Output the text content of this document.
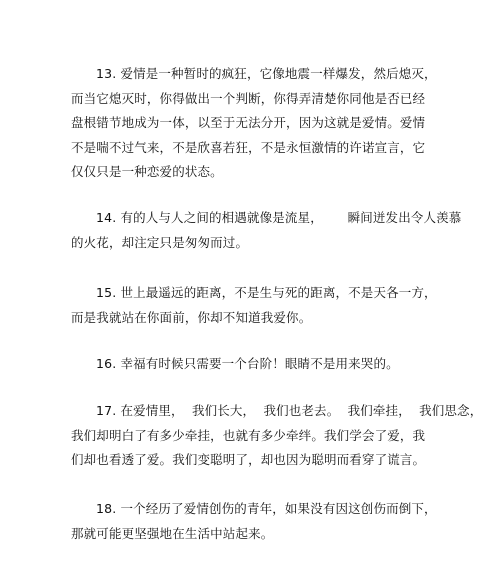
13. 爱情是一种暂时的疯狂，它像地震一样爆发，然后熄灭，
而当它熄灭时，你得做出一个判断，你得弄清楚你同他是否已经
盘根错节地成为一体，以至于无法分开，因为这就是爱情。爱情
不是喘不过气来，不是欣喜若狂，不是永恒激情的许诺宣言，它
仅仅只是一种恋爱的状态。
14. 有的人与人之间的相遇就像是流星，      瞬间迸发出令人羡慕
的火花，却注定只是匆匆而过。
15. 世上最遥远的距离，不是生与死的距离，不是天各一方，
而是我就站在你面前，你却不知道我爱你。
16. 幸福有时候只需要一个台阶！眼睛不是用来哭的。
17. 在爱情里，  我们长大，  我们也老去。  我们牵挂，  我们思念，
我们却明白了有多少牵挂，也就有多少牵绊。我们学会了爱，我
们却也看透了爱。我们变聪明了，却也因为聪明而看穿了谎言。
18. 一个经历了爱情创伤的青年，如果没有因这创伤而倒下，
那就可能更坚强地在生活中站起来。
